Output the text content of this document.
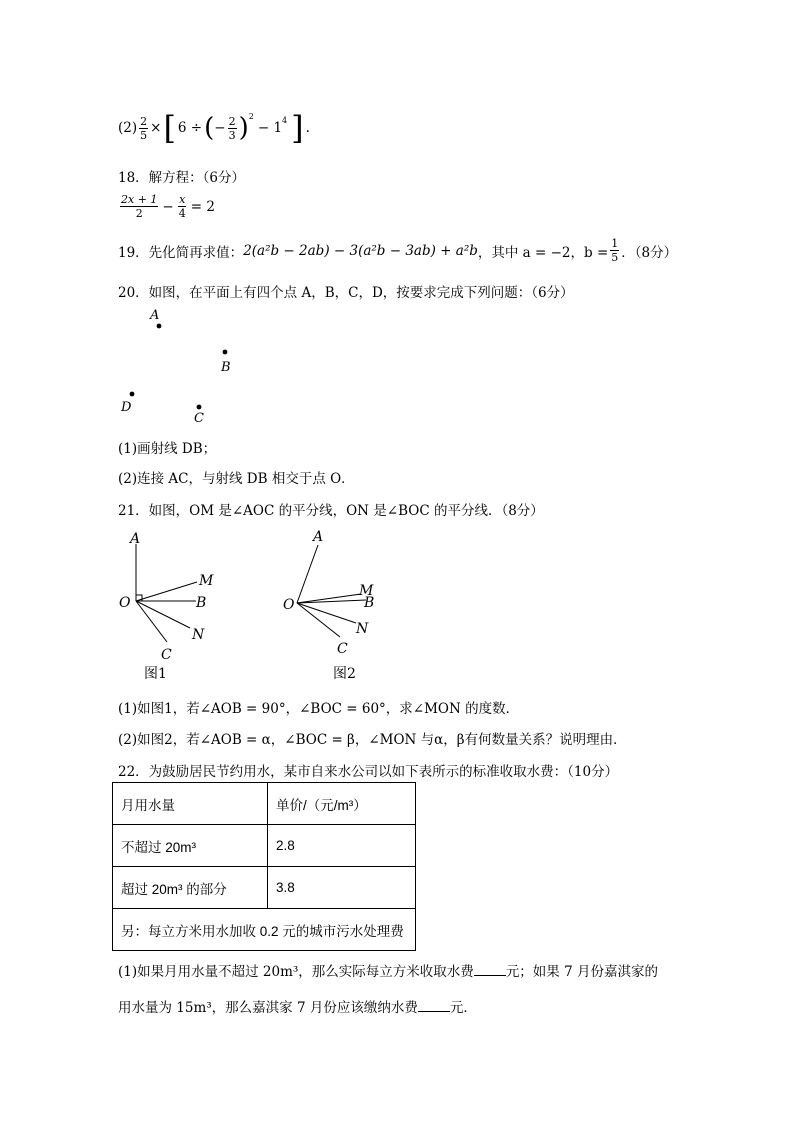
$(2) \frac{2}{5}$ × [ 6 ÷ ( − $\frac{2}{3} )^2$
− $1^4$ ] .
18．解方程：（6分）
$\frac{2x + 1}{2} - \frac{x}{4} = 2$
19．先化简再求值： 2(a²b − 2ab) − 3(a²b − 3ab) + a²b ，其中 a = −2，$b = \frac{1}{5}$ ．（8分）
20．如图，在平面上有四个点 A，B，C，D，按要求完成下列问题：（6分）
A
B
D
C
(1)画射线 DB；
(2)连接 AC，与射线 DB 相交于点 O．
21．如图，OM 是∠AOC 的平分线，ON 是∠BOC 的平分线．（8分）
A
O
M
B
N
C
图1
A
O
M
B
N
C
图2
(1)如图1，若∠AOB = 90°，∠BOC = 60°，求∠MON 的度数．
(2)如图2，若∠AOB = α，∠BOC = β，∠MON 与α，β有何数量关系？说明理由．
22．为鼓励居民节约用水，某市自来水公司以如下表所示的标准收取水费：（10分）
月用水量	单价/（元/m³）
不超过 20m³	2.8
超过 20m³ 的部分	3.8
另：每立方米用水加收 0.2 元的城市污水处理费	
(1)如果月用水量不超过 20m³，那么实际每立方米收取水费 元；如果 7 月份嘉淇家的
用水量为 15m³，那么嘉淇家 7 月份应该缴纳水费 元．
